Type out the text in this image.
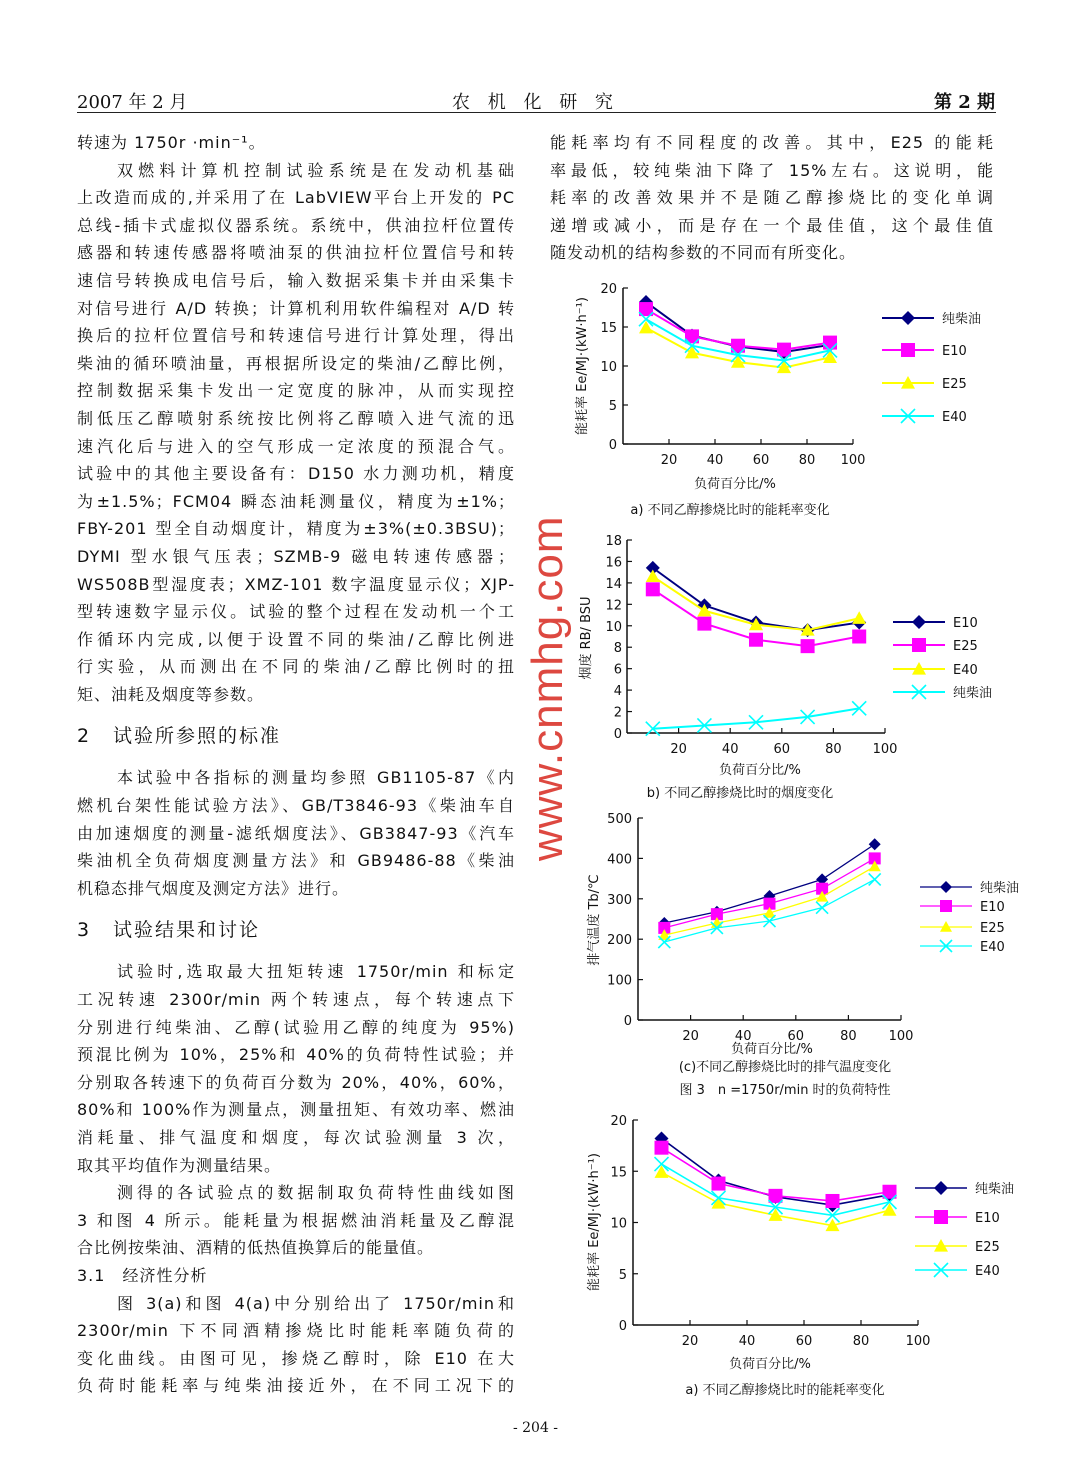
2007 年 2 月	农 机 化 研 究	第 2 期
转速为 1750r ·min⁻¹。
双燃料计算机控制试验系统是在发动机基础
上改造而成的,并采用了在 LabVIEW平台上开发的 PC
总线-插卡式虚拟仪器系统。系统中，供油拉杆位置传
感器和转速传感器将喷油泵的供油拉杆位置信号和转
速信号转换成电信号后，输入数据采集卡并由采集卡
对信号进行 A/D 转换；计算机利用软件编程对 A/D 转
换后的拉杆位置信号和转速信号进行计算处理，得出
柴油的循环喷油量，再根据所设定的柴油/乙醇比例，
控制数据采集卡发出一定宽度的脉冲，从而实现控
制低压乙醇喷射系统按比例将乙醇喷入进气流的迅
速汽化后与进入的空气形成一定浓度的预混合气。
试验中的其他主要设备有：D150 水力测功机，精度
为±1.5%；FCM04 瞬态油耗测量仪，精度为±1%；
FBY-201 型全自动烟度计，精度为±3%(±0.3BSU)；
DYMI 型水银气压表；SZMB-9 磁电转速传感器；
WS508B型湿度表；XMZ-101 数字温度显示仪；XJP-
型转速数字显示仪。试验的整个过程在发动机一个工
作循环内完成,以便于设置不同的柴油/乙醇比例进
行实验，从而测出在不同的柴油/乙醇比例时的扭
矩、油耗及烟度等参数。
2 试验所参照的标准
本试验中各指标的测量均参照 GB1105-87《内
燃机台架性能试验方法》、GB/T3846-93《柴油车自
由加速烟度的测量-滤纸烟度法》、GB3847-93《汽车
柴油机全负荷烟度测量方法》和 GB9486-88《柴油
机稳态排气烟度及测定方法》进行。
3 试验结果和讨论
试验时,选取最大扭矩转速 1750r/min 和标定
工况转速 2300r/min 两个转速点，每个转速点下
分别进行纯柴油、乙醇(试验用乙醇的纯度为 95%)
预混比例为 10%，25%和 40%的负荷特性试验；并
分别取各转速下的负荷百分数为 20%，40%，60%，
80%和 100%作为测量点，测量扭矩、有效功率、燃油
消耗量、排气温度和烟度，每次试验测量 3 次，
取其平均值作为测量结果。
测得的各试验点的数据制取负荷特性曲线如图
3 和图 4 所示。能耗量为根据燃油消耗量及乙醇混
合比例按柴油、酒精的低热值换算后的能量值。
3.1　经济性分析
图 3(a)和图 4(a)中分别给出了 1750r/min和
2300r/min 下不同酒精掺烧比时能耗率随负荷的
变化曲线。由图可见，掺烧乙醇时，除 E10 在大
负荷时能耗率与纯柴油接近外，在不同工况下的
能耗率均有不同程度的改善。其中，E25 的能耗
率最低，较纯柴油下降了 15%左右。这说明，能
耗率的改善效果并不是随乙醇掺烧比的变化单调
递增或减小，而是存在一个最佳值，这个最佳值
随发动机的结构参数的不同而有所变化。
20 40 60 80 100
0
5
10
15
20
纯柴油
E10
E25
E40
负荷百分比/%
能耗率 Ee/MJ·(kW·h⁻¹)
a) 不同乙醇掺烧比时的能耗率变化
20	40	60	80 100
0
2
4
6
8
10
12
14
16
18
E10
E25
E40
纯柴油
负荷百分比/%
烟度 RB/ BSU
b) 不同乙醇掺烧比时的烟度变化
20	40	60	80 100
0
100
200
300
400
500
纯柴油
E10
E25
E40
负荷百分比/%
排气温度 Tb/℃
(c)不同乙醇掺烧比时的排气温度变化
图 3　n =1750r/min 时的负荷特性
20	40	60	80	100
0
5
10
15
20
纯柴油
E10
E25
E40
负荷百分比/%
能耗率 Ee/MJ·(kW·h⁻¹)
a) 不同乙醇掺烧比时的能耗率变化
www.cnmhg.com
- 204 -
